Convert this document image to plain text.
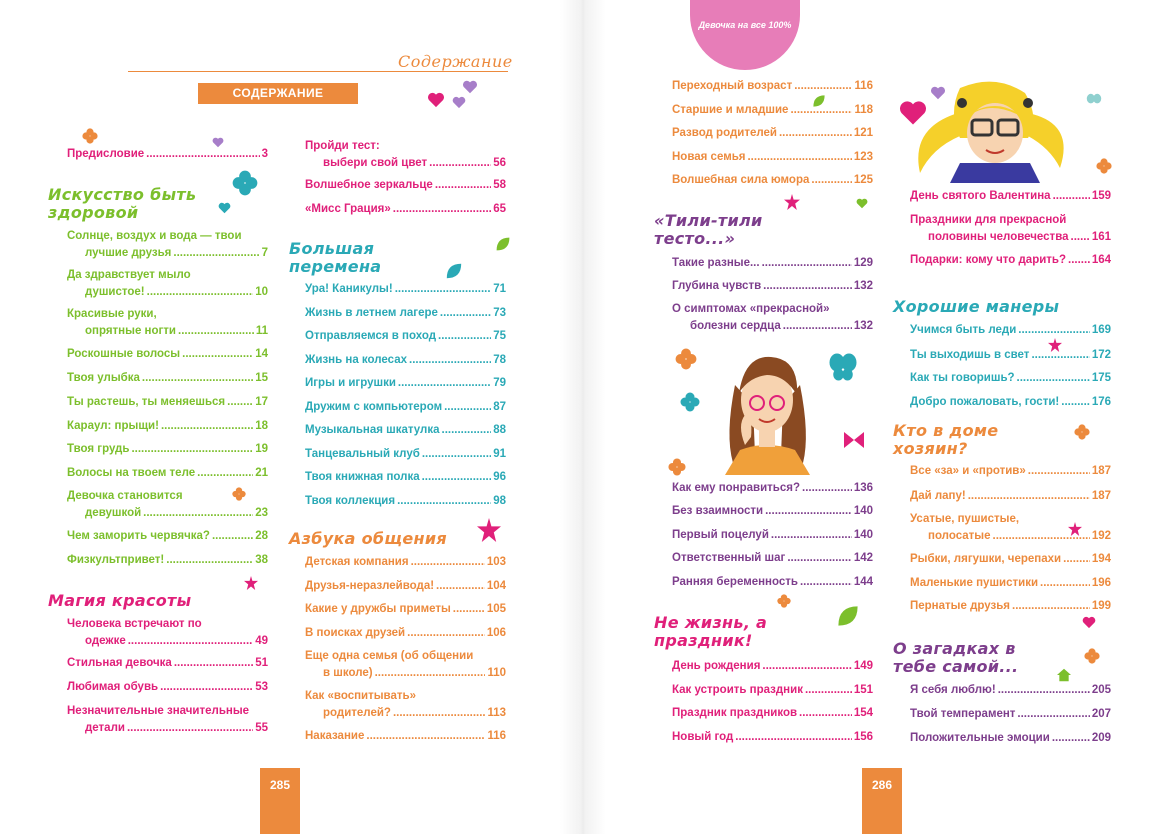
Содержание
СОДЕРЖАНИЕ
Предисловие .....	3
Искусство быть здоровой
Солнце, воздух и вода — твои
лучшие друзья .....	7
Да здравствует мыло
душистое! .....	10
Красивые руки,
опрятные ногти .....	11
Роскошные волосы .....	14
Твоя улыбка .....	15
Ты растешь, ты меняешься .....	17
Караул: прыщи! .....	18
Твоя грудь .....	19
Волосы на твоем теле .....	21
Девочка становится
девушкой .....	23
Чем заморить червячка? .....	28
Физкультпривет! .....	38
Магия красоты
Человека встречают по
одежке .....	49
Стильная девочка .....	51
Любимая обувь .....	53
Незначительные значительные
детали .....	55
Пройди тест:
выбери свой цвет .....	56
Волшебное зеркальце .....	58
«Мисс Грация» .....	65
Большая перемена
Ура! Каникулы! .....	71
Жизнь в летнем лагере .....	73
Отправляемся в поход .....	75
Жизнь на колесах .....	78
Игры и игрушки .....	79
Дружим с компьютером .....	87
Музыкальная шкатулка .....	88
Танцевальный клуб .....	91
Твоя книжная полка .....	96
Твоя коллекция .....	98
Азбука общения
Детская компания .....	103
Друзья-неразлейвода! .....	104
Какие у дружбы приметы .....	105
В поисках друзей .....	106
Еще одна семья (об общении
в школе) .....	110
Как «воспитывать»
родителей? .....	113
Наказание .....	116
285
Девочка на все 100%
Переходный возраст .....	116
Старшие и младшие .....	118
Развод родителей .....	121
Новая семья .....	123
Волшебная сила юмора .....	125
«Тили-тили тесто...»
Такие разные... .....	129
Глубина чувств .....	132
О симптомах «прекрасной»
болезни сердца .....	132
Как ему понравиться? .....	136
Без взаимности .....	140
Первый поцелуй .....	140
Ответственный шаг .....	142
Ранняя беременность .....	144
Не жизнь, а праздник!
День рождения .....	149
Как устроить праздник .....	151
Праздник праздников .....	154
Новый год .....	156
День святого Валентина .....	159
Праздники для прекрасной
половины человечества ..... 161
Подарки: кому что дарить? ..... 164
Хорошие манеры
Учимся быть леди .....	169
Ты выходишь в свет .....	172
Как ты говоришь? .....	175
Добро пожаловать, гости! .....	176
Кто в доме хозяин?
Все «за» и «против» .....	187
Дай лапу! .....	187
Усатые, пушистые,
полосатые .....	192
Рыбки, лягушки, черепахи .....	194
Маленькие пушистики .....	196
Пернатые друзья .....	199
О загадках в тебе самой...
Я себя люблю! .....	205
Твой темперамент .....	207
Положительные эмоции .....	209
286
